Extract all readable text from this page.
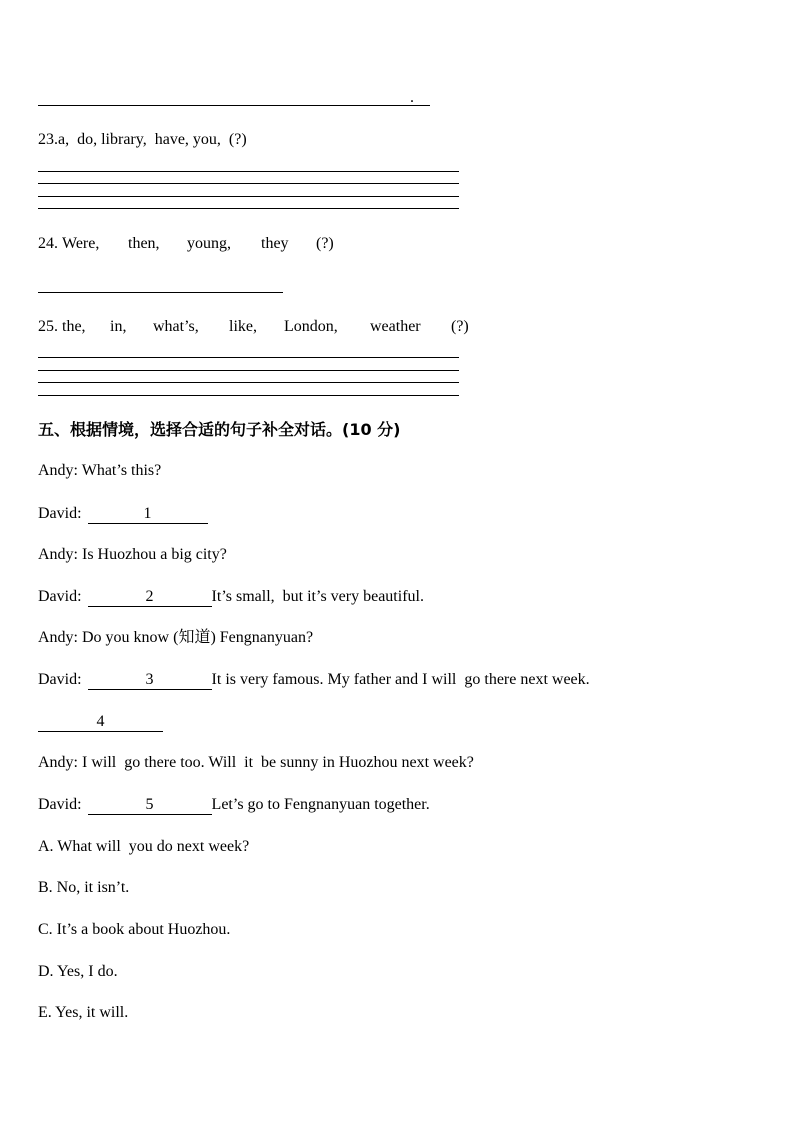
.
23.a,  do, library,  have, you,  (?)
24. Were, then, young, they (?)
25. the, in, what’s, like, London, weather (?)
五、根据情境，选择合适的句子补全对话。(10 分)
Andy: What’s this?
David:	1
Andy: Is Huozhou a big city?
David:	2	It’s small,  but it’s very beautiful.
Andy: Do you know (知道) Fengnanyuan?
David:	3	It is very famous. My father and I will  go there next week.
4
Andy: I will  go there too. Will  it  be sunny in Huozhou next week?
David:	5	Let’s go to Fengnanyuan together.
A. What will  you do next week?
B. No, it isn’t.
C. It’s a book about Huozhou.
D. Yes, I do.
E. Yes, it will.
